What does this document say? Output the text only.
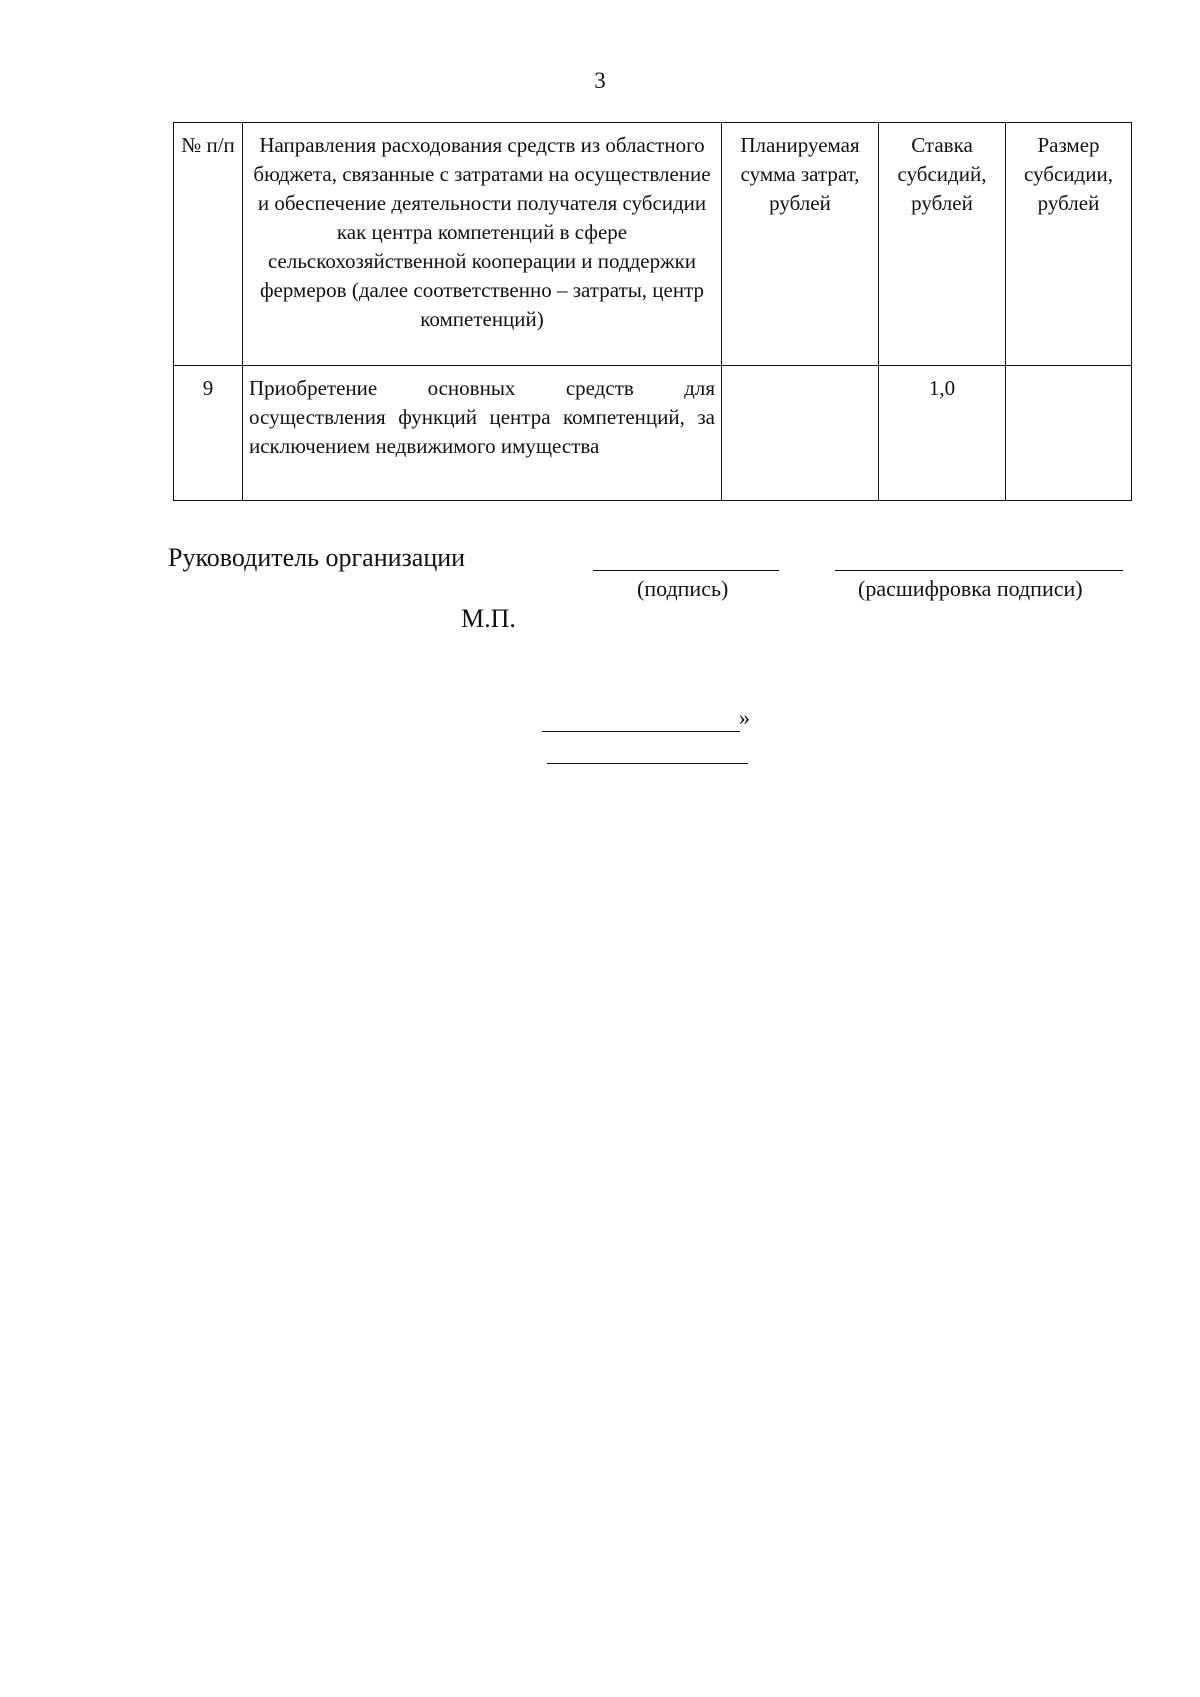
3
№ п/п	Направления расходования средств из областного бюджета, связанные с затратами на осуществление и обеспечение деятельности получателя субсидии как центра компетенций в сфере сельскохозяйственной кооперации и поддержки фермеров (далее соответственно – затраты, центр компетенций)	Планируемая сумма затрат, рублей	Ставка субсидий, рублей	Размер субсидии, рублей
9	Приобретение основных средств для осуществления функций центра компетенций, за исключением недвижимого имущества		1,0	
Руководитель организации
(подпись)	(расшифровка подписи)
М.П.
»
